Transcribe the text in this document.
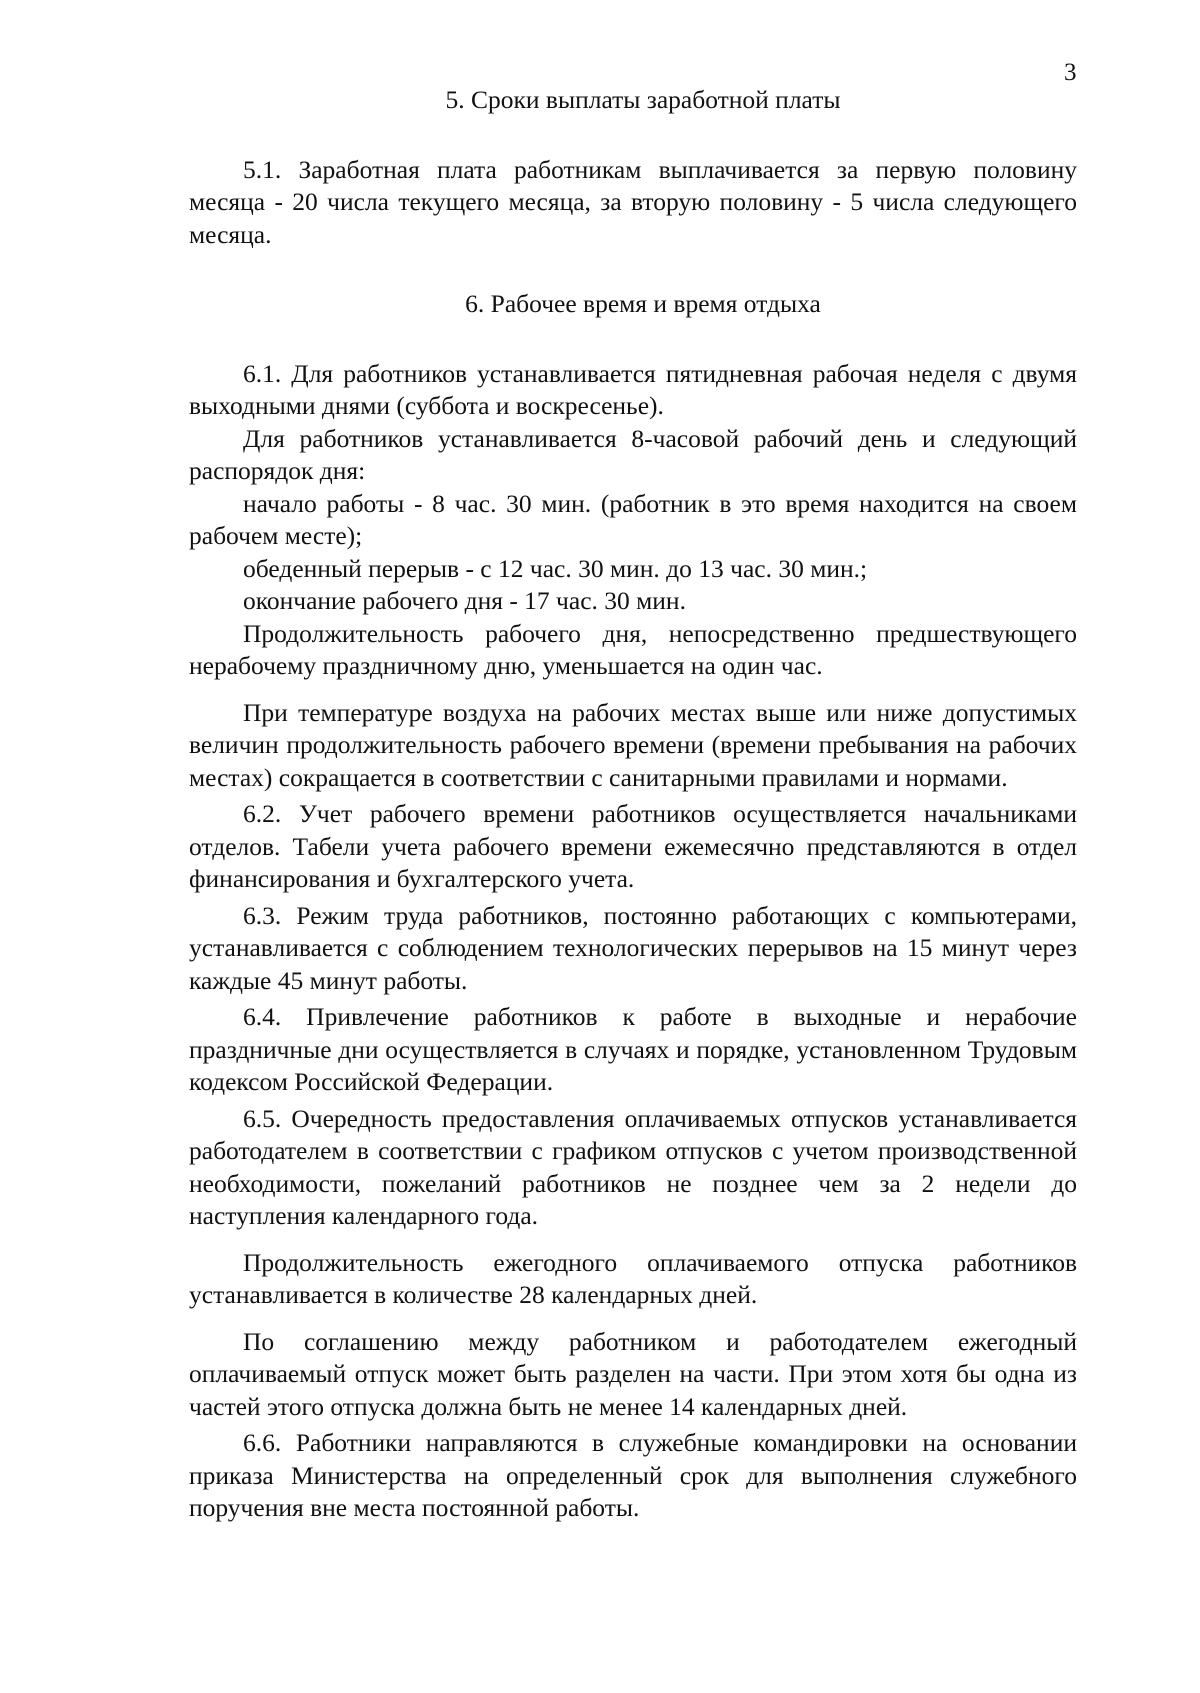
3

5. Сроки выплаты заработной платы

5.1. Заработная плата работникам выплачивается за первую половину месяца - 20 числа текущего месяца, за вторую половину - 5 числа следующего месяца.

6. Рабочее время и время отдыха

6.1. Для работников устанавливается пятидневная рабочая неделя с двумя выходными днями (суббота и воскресенье).

Для работников устанавливается 8-часовой рабочий день и следующий распорядок дня:

начало работы - 8 час. 30 мин. (работник в это время находится на своем рабочем месте);

обеденный перерыв - с 12 час. 30 мин. до 13 час. 30 мин.;

окончание рабочего дня - 17 час. 30 мин.

Продолжительность рабочего дня, непосредственно предшествующего нерабочему праздничному дню, уменьшается на один час.

При температуре воздуха на рабочих местах выше или ниже допустимых величин продолжительность рабочего времени (времени пребывания на рабочих местах) сокращается в соответствии с санитарными правилами и нормами.

6.2. Учет рабочего времени работников осуществляется начальниками отделов. Табели учета рабочего времени ежемесячно представляются в отдел финансирования и бухгалтерского учета.

6.3. Режим труда работников, постоянно работающих с компьютерами, устанавливается с соблюдением технологических перерывов на 15 минут через каждые 45 минут работы.

6.4. Привлечение работников к работе в выходные и нерабочие праздничные дни осуществляется в случаях и порядке, установленном Трудовым кодексом Российской Федерации.

6.5. Очередность предоставления оплачиваемых отпусков устанавливается работодателем в соответствии с графиком отпусков с учетом производственной необходимости, пожеланий работников не позднее чем за 2 недели до наступления календарного года.

Продолжительность ежегодного оплачиваемого отпуска работников устанавливается в количестве 28 календарных дней.

По соглашению между работником и работодателем ежегодный оплачиваемый отпуск может быть разделен на части. При этом хотя бы одна из частей этого отпуска должна быть не менее 14 календарных дней.

6.6. Работники направляются в служебные командировки на основании приказа Министерства на определенный срок для выполнения служебного поручения вне места постоянной работы.
